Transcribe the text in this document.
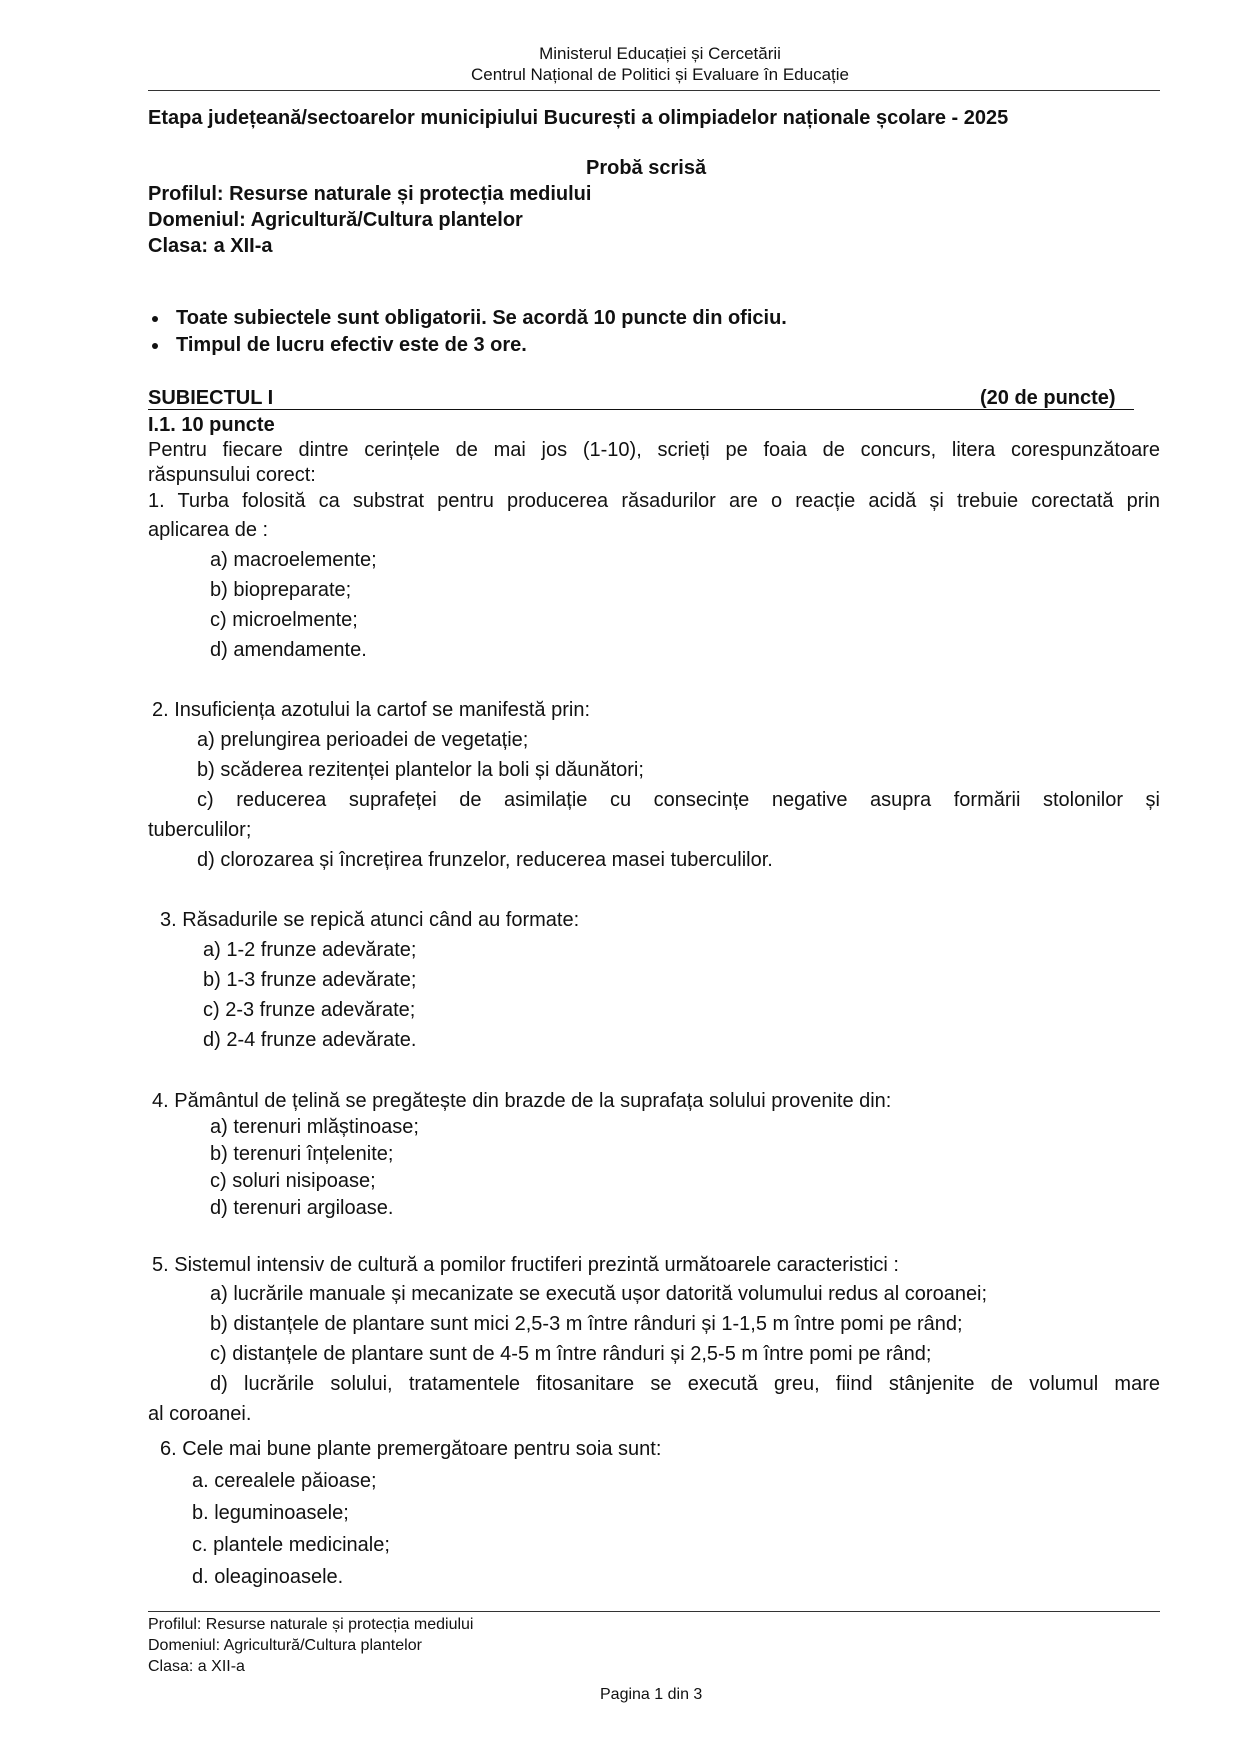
Ministerul Educației și Cercetării
Centrul Național de Politici și Evaluare în Educație
Etapa județeană/sectoarelor municipiului București a olimpiadelor naționale școlare - 2025
Probă scrisă
Profilul: Resurse naturale și protecția mediului
Domeniul: Agricultură/Cultura plantelor
Clasa: a XII-a
Toate subiectele sunt obligatorii. Se acordă 10 puncte din oficiu.
Timpul de lucru efectiv este de 3 ore.
SUBIECTUL I	(20 de puncte)
I.1. 10 puncte
Pentru fiecare dintre cerințele de mai jos (1-10), scrieți pe foaia de concurs, litera corespunzătoare
răspunsului corect:
1. Turba folosită ca substrat pentru producerea răsadurilor are o reacție acidă și trebuie corectată prin
aplicarea de :
a) macroelemente;
b) biopreparate;
c) microelmente;
d) amendamente.
2. Insuficiența azotului la cartof se manifestă prin:
a) prelungirea perioadei de vegetație;
b) scăderea rezitenței plantelor la boli și dăunători;
c) reducerea suprafeței de asimilație cu consecințe negative asupra formării stolonilor și
tuberculilor;
d) clorozarea și încrețirea frunzelor, reducerea masei tuberculilor.
3. Răsadurile se repică atunci când au formate:
a) 1-2 frunze adevărate;
b) 1-3 frunze adevărate;
c) 2-3 frunze adevărate;
d) 2-4 frunze adevărate.
4. Pământul de țelină se pregătește din brazde de la suprafața solului provenite din:
a) terenuri mlăștinoase;
b) terenuri înțelenite;
c) soluri nisipoase;
d) terenuri argiloase.
5. Sistemul intensiv de cultură a pomilor fructiferi prezintă următoarele caracteristici :
a) lucrările manuale și mecanizate se execută ușor datorită volumului redus al coroanei;
b) distanțele de plantare sunt mici 2,5-3 m între rânduri și 1-1,5 m între pomi pe rând;
c) distanțele de plantare sunt de 4-5 m între rânduri și 2,5-5 m între pomi pe rând;
d) lucrările solului, tratamentele fitosanitare se execută greu, fiind stânjenite de volumul mare
al coroanei.
6. Cele mai bune plante premergătoare pentru soia sunt:
a. cerealele păioase;
b. leguminoasele;
c. plantele medicinale;
d. oleaginoasele.
Profilul: Resurse naturale și protecția mediului
Domeniul: Agricultură/Cultura plantelor
Clasa: a XII-a
Pagina 1 din 3
